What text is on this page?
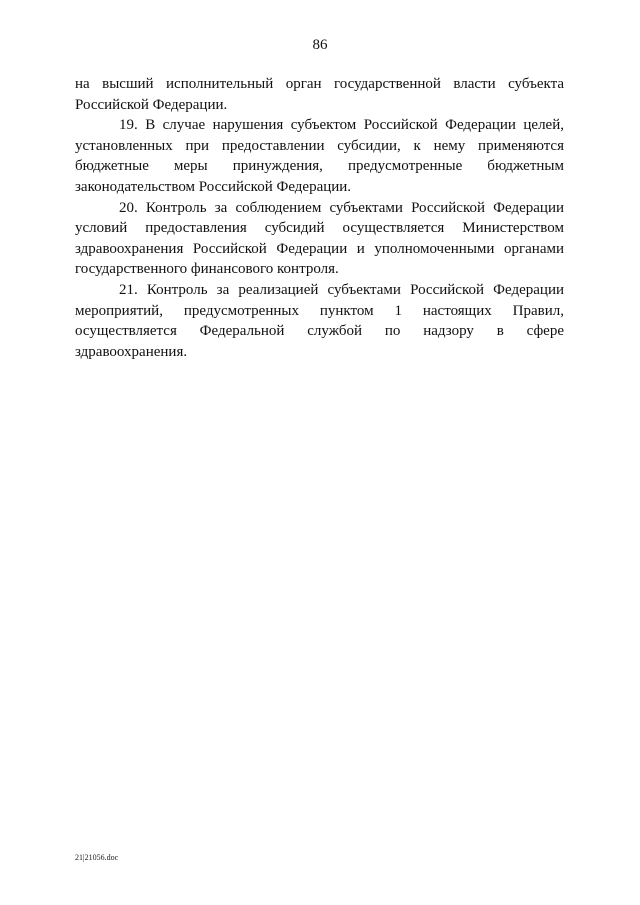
86

на высший исполнительный орган государственной власти субъекта Российской Федерации.

19. В случае нарушения субъектом Российской Федерации целей, установленных при предоставлении субсидии, к нему применяются бюджетные меры принуждения, предусмотренные бюджетным законодательством Российской Федерации.

20. Контроль за соблюдением субъектами Российской Федерации условий предоставления субсидий осуществляется Министерством здравоохранения Российской Федерации и уполномоченными органами государственного финансового контроля.

21. Контроль за реализацией субъектами Российской Федерации мероприятий, предусмотренных пунктом 1 настоящих Правил, осуществляется Федеральной службой по надзору в сфере здравоохранения.

21|21056.doc
